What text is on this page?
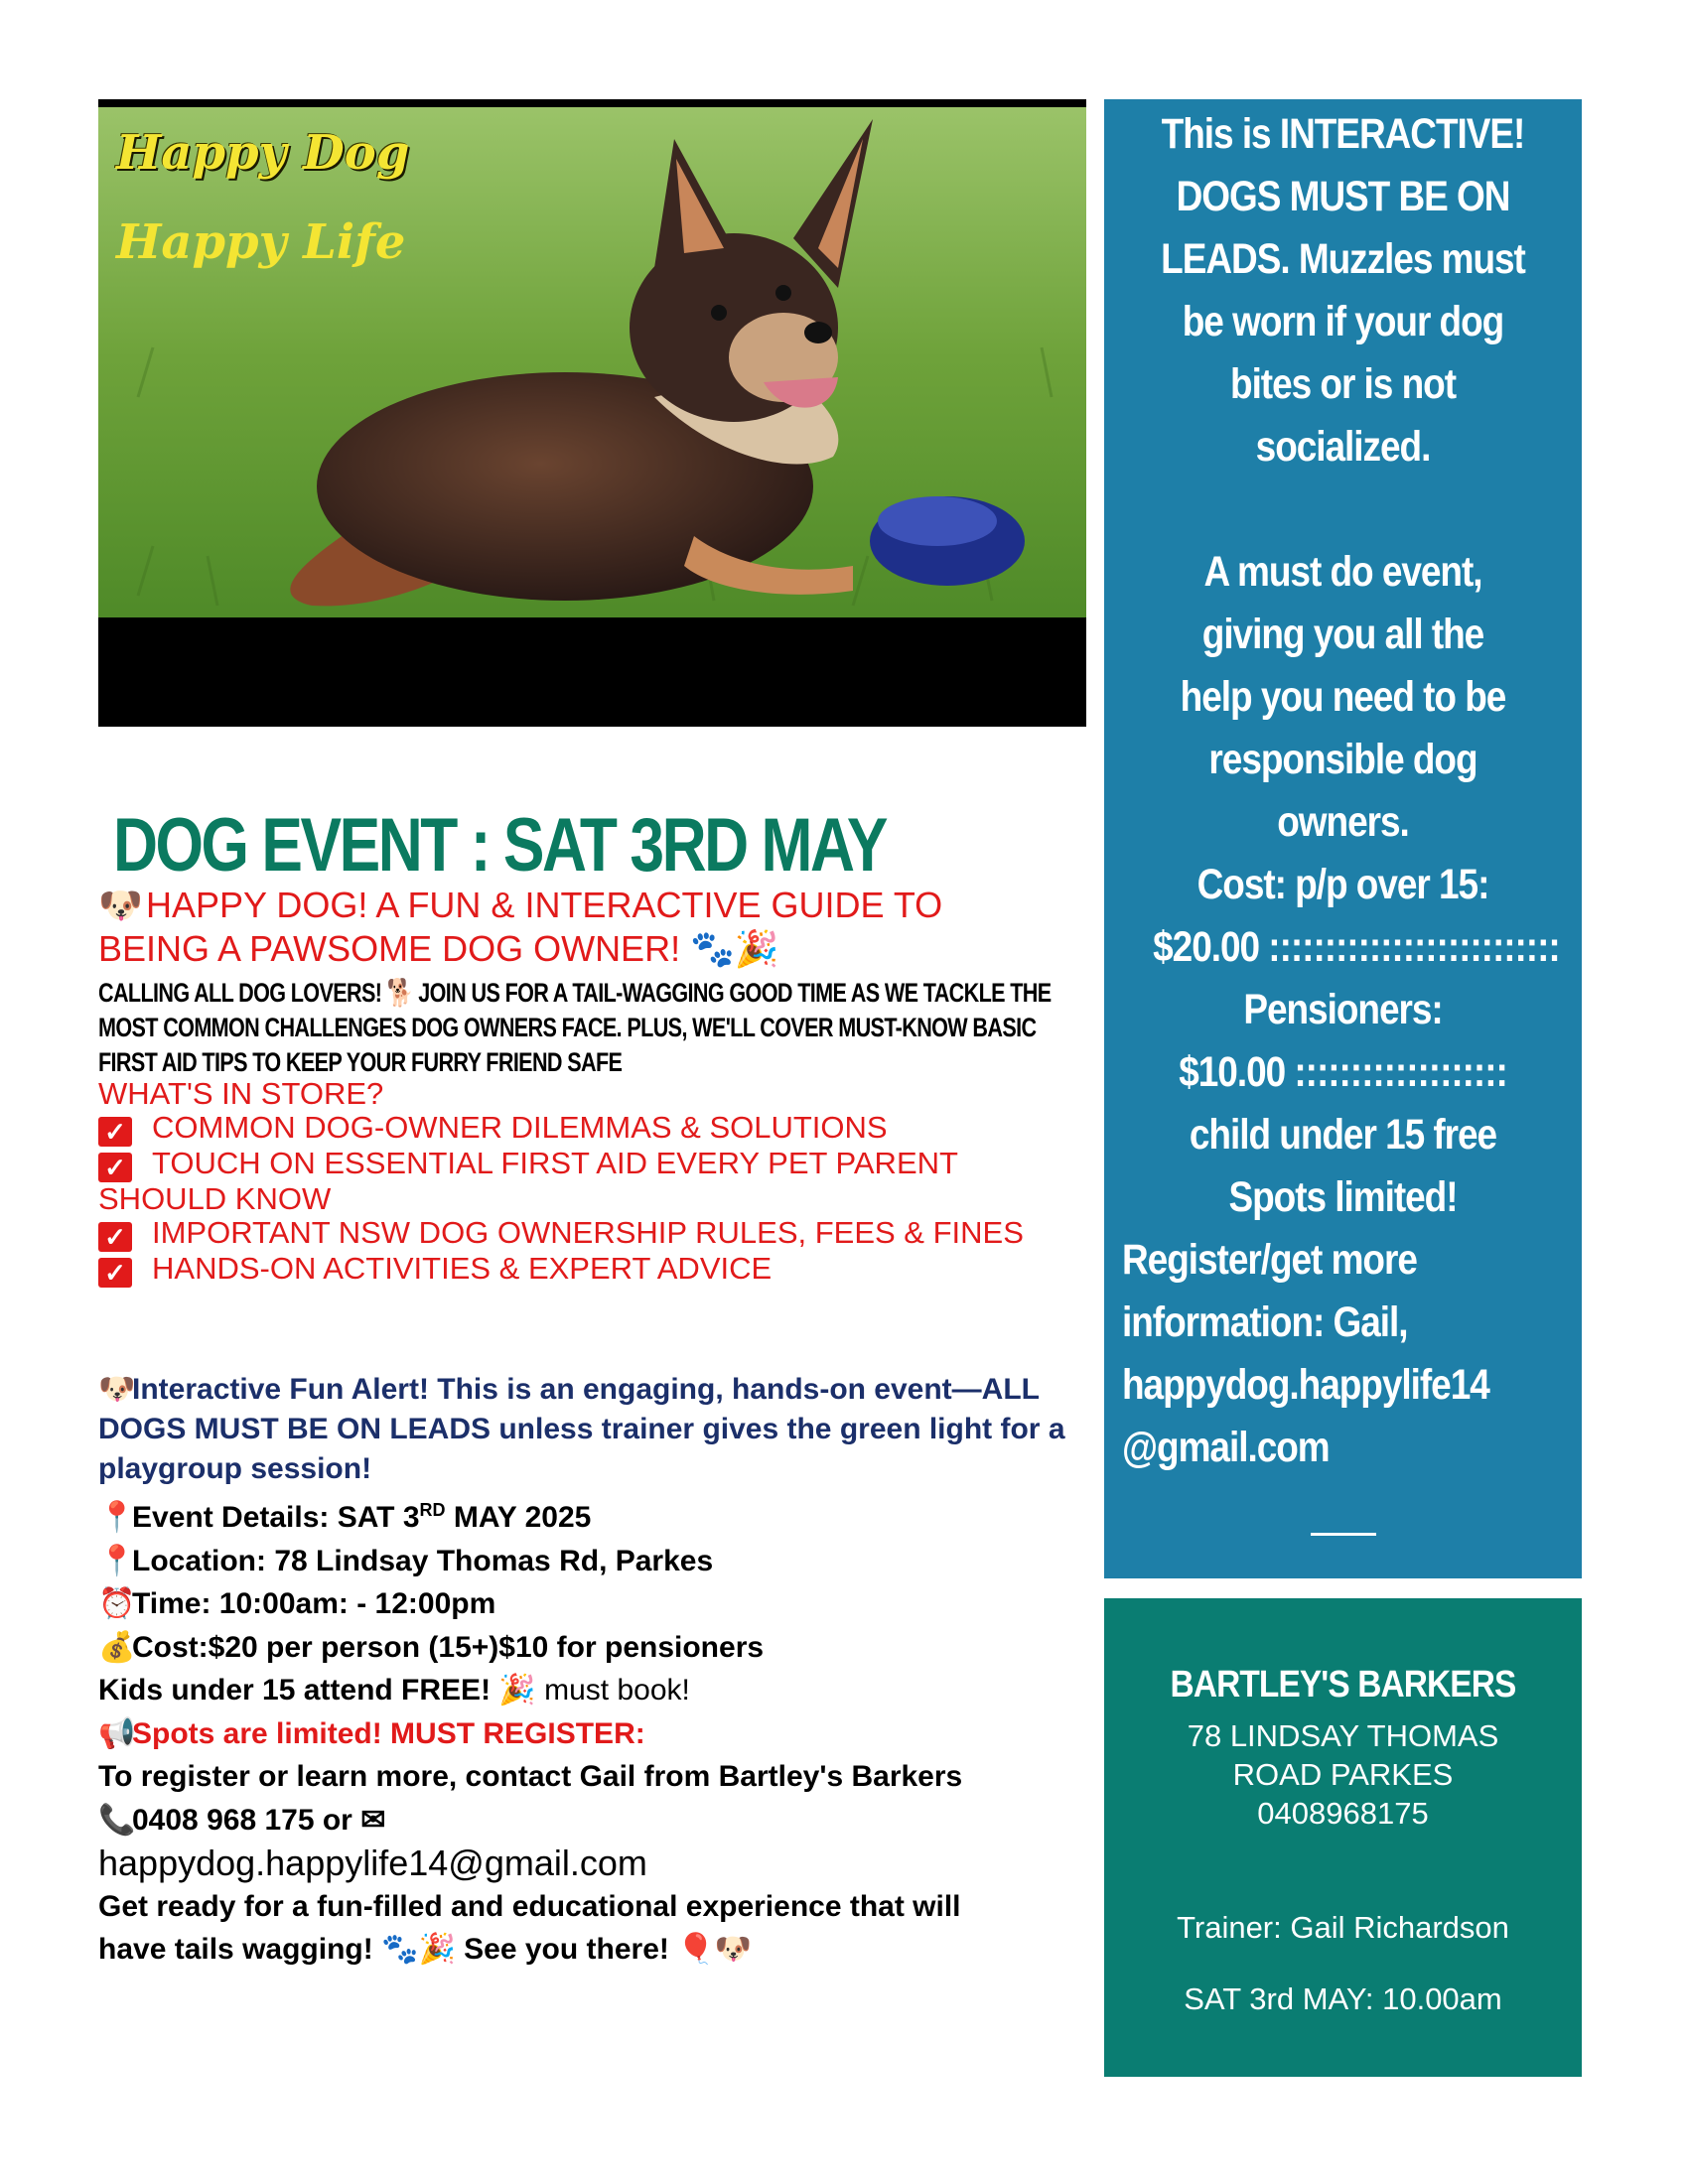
Happy Dog
Happy Life
This is INTERACTIVE!
DOGS MUST BE ON
LEADS. Muzzles must
be worn if your dog
bites or is not
socialized.
A must do event,
giving you all the
help you need to be
responsible dog
owners.
Cost: p/p over 15:
$20.00 ::::::::::::::::::::::::::
Pensioners:
$10.00 :::::::::::::::::::
child under 15 free
Spots limited!
Register/get more
information: Gail,
happydog.happylife14
@gmail.com
BARTLEY'S BARKERS
78 LINDSAY THOMAS
ROAD PARKES
0408968175
Trainer: Gail Richardson
SAT 3rd MAY: 10.00am
DOG EVENT : SAT 3RD MAY
🐶HAPPY DOG! A FUN & INTERACTIVE GUIDE TO
BEING A PAWSOME DOG OWNER! 🐾🎉
CALLING ALL DOG LOVERS! 🐕 JOIN US FOR A TAIL-WAGGING GOOD TIME AS WE TACKLE THE MOST COMMON CHALLENGES DOG OWNERS FACE. PLUS, WE'LL COVER MUST-KNOW BASIC FIRST AID TIPS TO KEEP YOUR FURRY FRIEND SAFE
WHAT'S IN STORE?
✓ COMMON DOG-OWNER DILEMMAS & SOLUTIONS
✓ TOUCH ON ESSENTIAL FIRST AID EVERY PET PARENT SHOULD KNOW
✓ IMPORTANT NSW DOG OWNERSHIP RULES, FEES & FINES
✓ HANDS-ON ACTIVITIES & EXPERT ADVICE
🐶Interactive Fun Alert! This is an engaging, hands-on event—ALL DOGS MUST BE ON LEADS unless trainer gives the green light for a playgroup session!
📍Event Details: SAT 3RD MAY 2025
📍Location: 78 Lindsay Thomas Rd, Parkes
⏰Time: 10:00am: - 12:00pm
💰Cost:$20 per person (15+)$10 for pensioners
Kids under 15 attend FREE! 🎉 must book!
📢Spots are limited! MUST REGISTER:
To register or learn more, contact Gail from Bartley's Barkers
📞0408 968 175 or ✉
happydog.happylife14@gmail.com
Get ready for a fun-filled and educational experience that will
have tails wagging! 🐾🎉 See you there! 🎈🐶
